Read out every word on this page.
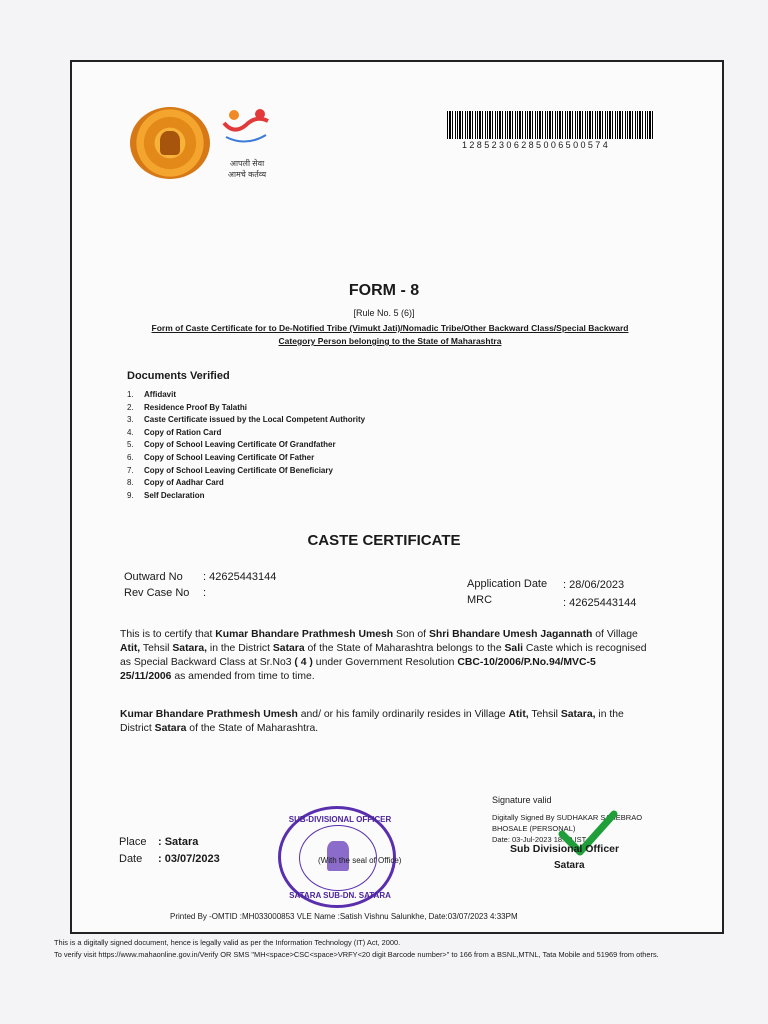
आपली सेवा
आमचे कर्तव्य
12852306285006500574
FORM - 8
[Rule No. 5 (6)]
Form of Caste Certificate for to De-Notified Tribe (Vimukt Jati)/Nomadic Tribe/Other Backward Class/Special Backward Category Person belonging to the State of Maharashtra
Documents Verified
1. Affidavit
2. Residence Proof By Talathi
3. Caste Certificate issued by the Local Competent Authority
4. Copy of Ration Card
5. Copy of School Leaving Certificate Of Grandfather
6. Copy of School Leaving Certificate Of Father
7. Copy of School Leaving Certificate Of Beneficiary
8. Copy of Aadhar Card
9. Self Declaration
CASTE CERTIFICATE
Outward No : 42625443144
Rev Case No :
Application Date : 28/06/2023
MRC	: 42625443144
This is to certify that Kumar Bhandare Prathmesh Umesh Son of Shri Bhandare Umesh Jagannath of Village Atit, Tehsil Satara, in the District Satara of the State of Maharashtra belongs to the Sali Caste which is recognised as Special Backward Class at Sr.No3 ( 4 ) under Government Resolution CBC-10/2006/P.No.94/MVC-5 25/11/2006 as amended from time to time.
Kumar Bhandare Prathmesh Umesh and/ or his family ordinarily resides in Village Atit, Tehsil Satara, in the District Satara of the State of Maharashtra.
Signature valid
Digitally Signed By SUDHAKAR SAHEBRAO
BHOSALE (PERSONAL)
Date: 03-Jul-2023 18:30 IST
Sub Divisional Officer
Satara
SUB-DIVISIONAL OFFICER
SATARA SUB-DN. SATARA
(With the seal of Office)
Place : Satara
Date : 03/07/2023
Printed By -OMTID :MH033000853 VLE Name :Satish Vishnu Salunkhe, Date:03/07/2023 4:33PM
This is a digitally signed document, hence is legally valid as per the Information Technology (IT) Act, 2000.
To verify visit https://www.mahaonline.gov.in/Verify OR SMS "MH<space>CSC<space>VRFY<20 digit Barcode number>" to 166 from a BSNL,MTNL, Tata Mobile and 51969 from others.
